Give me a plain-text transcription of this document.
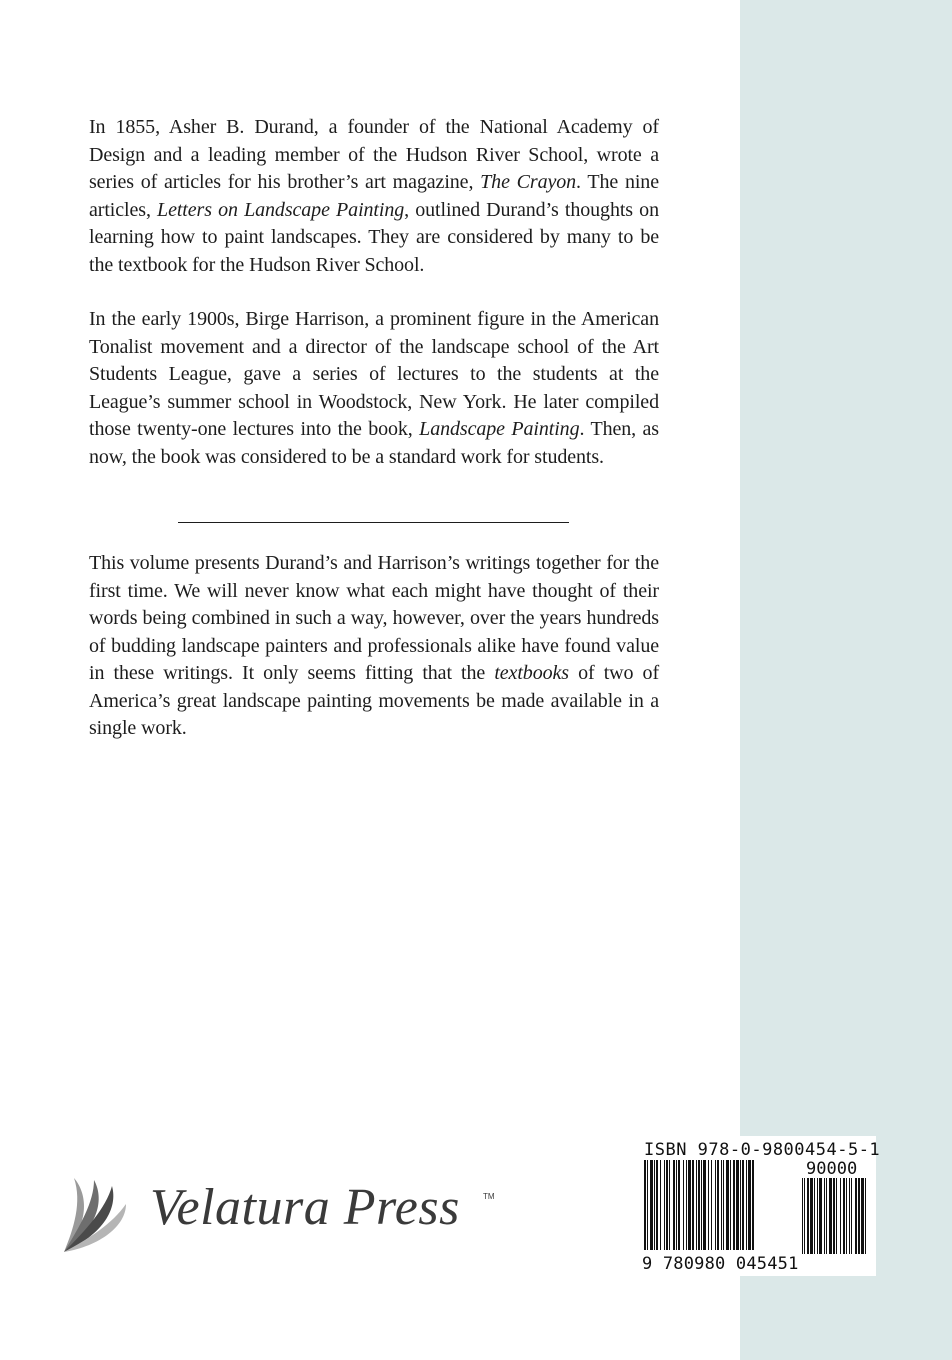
In 1855, Asher B. Durand, a founder of the National Academy of Design and a leading member of the Hudson River School, wrote a series of articles for his brother’s art magazine, The Crayon. The nine articles, Letters on Landscape Painting, outlined Durand’s thoughts on learning how to paint landscapes. They are considered by many to be the textbook for the Hudson River School.

In the early 1900s, Birge Harrison, a prominent figure in the American Tonalist movement and a director of the landscape school of the Art Students League, gave a series of lectures to the students at the League’s summer school in Woodstock, New York. He later compiled those twenty-one lectures into the book, Landscape Painting. Then, as now, the book was considered to be a standard work for students.

This volume presents Durand’s and Harrison’s writings together for the first time. We will never know what each might have thought of their words being combined in such a way, however, over the years hundreds of budding landscape painters and professionals alike have found value in these writings. It only seems fitting that the textbooks of two of America’s great landscape painting movements be made available in a single work.

Velatura Press	TM
ISBN 978-0-9800454-5-1
90000
9 780980 045451
